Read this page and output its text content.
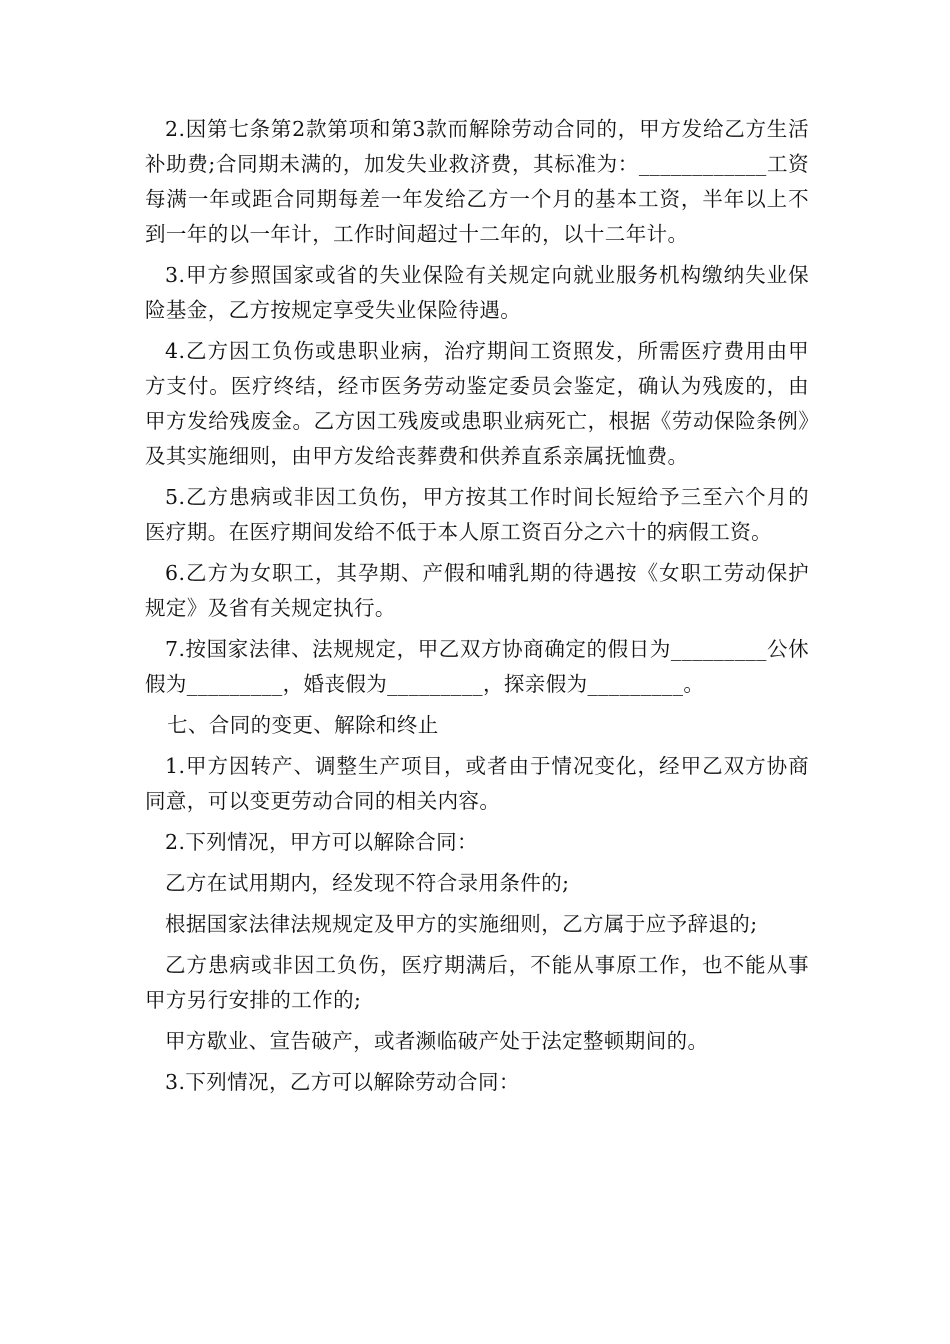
2.因第七条第2款第项和第3款而解除劳动合同的，甲方发给乙方生活补助费;合同期未满的，加发失业救济费，其标准为：____________工资每满一年或距合同期每差一年发给乙方一个月的基本工资，半年以上不到一年的以一年计，工作时间超过十二年的，以十二年计。

3.甲方参照国家或省的失业保险有关规定向就业服务机构缴纳失业保险基金，乙方按规定享受失业保险待遇。

4.乙方因工负伤或患职业病，治疗期间工资照发，所需医疗费用由甲方支付。医疗终结，经市医务劳动鉴定委员会鉴定，确认为残废的，由甲方发给残废金。乙方因工残废或患职业病死亡，根据《劳动保险条例》及其实施细则，由甲方发给丧葬费和供养直系亲属抚恤费。

5.乙方患病或非因工负伤，甲方按其工作时间长短给予三至六个月的医疗期。在医疗期间发给不低于本人原工资百分之六十的病假工资。

6.乙方为女职工，其孕期、产假和哺乳期的待遇按《女职工劳动保护规定》及省有关规定执行。

7.按国家法律、法规规定，甲乙双方协商确定的假日为_________公休假为_________，婚丧假为_________，探亲假为_________。

七、合同的变更、解除和终止

1.甲方因转产、调整生产项目，或者由于情况变化，经甲乙双方协商同意，可以变更劳动合同的相关内容。

2.下列情况，甲方可以解除合同：

乙方在试用期内，经发现不符合录用条件的;

根据国家法律法规规定及甲方的实施细则，乙方属于应予辞退的;

乙方患病或非因工负伤，医疗期满后，不能从事原工作，也不能从事甲方另行安排的工作的;

甲方歇业、宣告破产，或者濒临破产处于法定整顿期间的。

3.下列情况，乙方可以解除劳动合同：
